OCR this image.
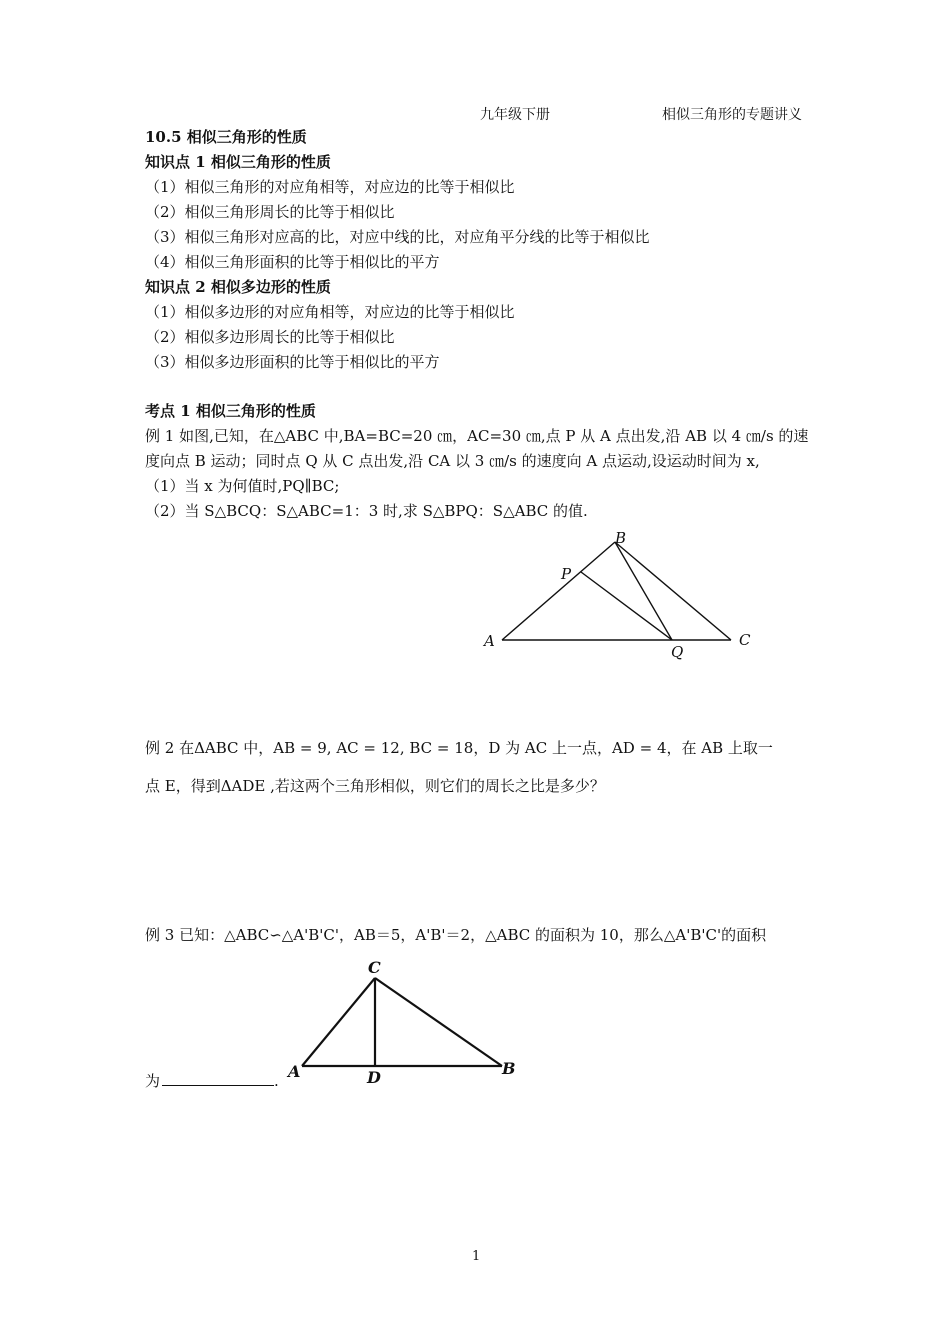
九年级下册	相似三角形的专题讲义
10.5 相似三角形的性质
知识点 1 相似三角形的性质
（1）相似三角形的对应角相等，对应边的比等于相似比
（2）相似三角形周长的比等于相似比
（3）相似三角形对应高的比，对应中线的比，对应角平分线的比等于相似比
（4）相似三角形面积的比等于相似比的平方
知识点 2 相似多边形的性质
（1）相似多边形的对应角相等，对应边的比等于相似比
（2）相似多边形周长的比等于相似比
（3）相似多边形面积的比等于相似比的平方
考点 1 相似三角形的性质
例 1 如图,已知，在△ABC 中,BA=BC=20 ㎝，AC=30 ㎝,点 P 从 A 点出发,沿 AB 以 4 ㎝/s 的速
度向点 B 运动；同时点 Q 从 C 点出发,沿 CA 以 3 ㎝/s 的速度向 A 点运动,设运动时间为 x,
（1）当 x 为何值时,PQ∥BC;
（2）当 S△BCQ：S△ABC=1：3 时,求 S△BPQ：S△ABC 的值.
A
B
C
P
Q
例 2 在ΔABC 中，AB = 9, AC = 12, BC = 18，D 为 AC 上一点，AD = 4，在 AB 上取一
点 E，得到ΔADE ,若这两个三角形相似，则它们的周长之比是多少？
例 3 已知：△ABC∽△A'B'C'，AB＝5，A'B'＝2，△ABC 的面积为 10，那么△A'B'C'的面积
为	.
C
A	D	B
1
